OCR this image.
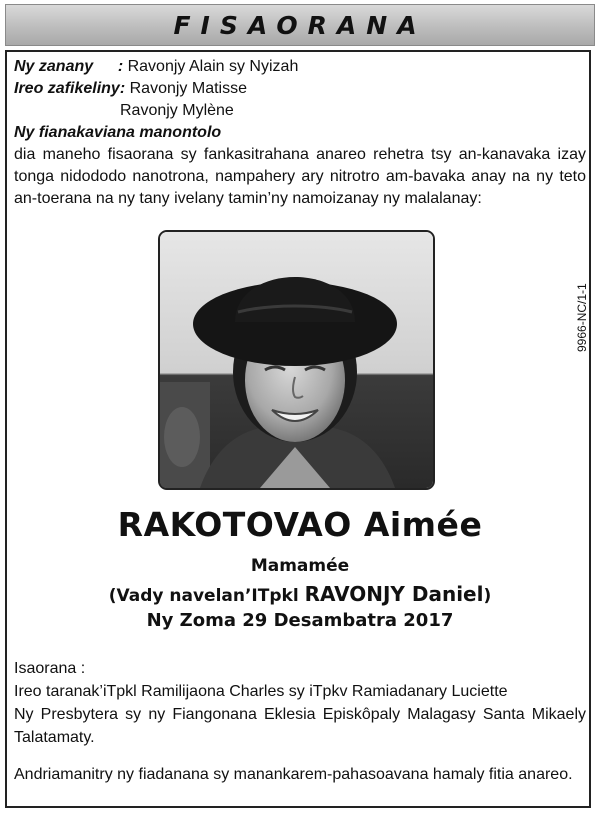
FISAORANA
Ny zanany : Ravonjy Alain sy Nyizah
Ireo zafikeliny: Ravonjy Matisse
Ravonjy Mylène
Ny fianakaviana manontolo
dia maneho fisaorana sy fankasitrahana anareo rehetra tsy an-kanavaka izay
tonga nidododo nanotrona, nampahery ary nitrotro am-bavaka anay na ny teto
an-toerana na ny tany ivelany tamin’ny namoizanay ny malalanay:
9966-NC/1-1
RAKOTOVAO Aimée
Mamamée
(Vady navelan’ITpkl RAVONJY Daniel)
Ny Zoma 29 Desambatra 2017
Isaorana :
Ireo taranak’iTpkl Ramilijaona Charles sy iTpkv Ramiadanary Luciette
Ny Presbytera sy ny Fiangonana Eklesia Episkôpaly Malagasy Santa Mikaely
Talatamaty.
Andriamanitry ny fiadanana sy manankarem-pahasoavana hamaly fitia anareo.
